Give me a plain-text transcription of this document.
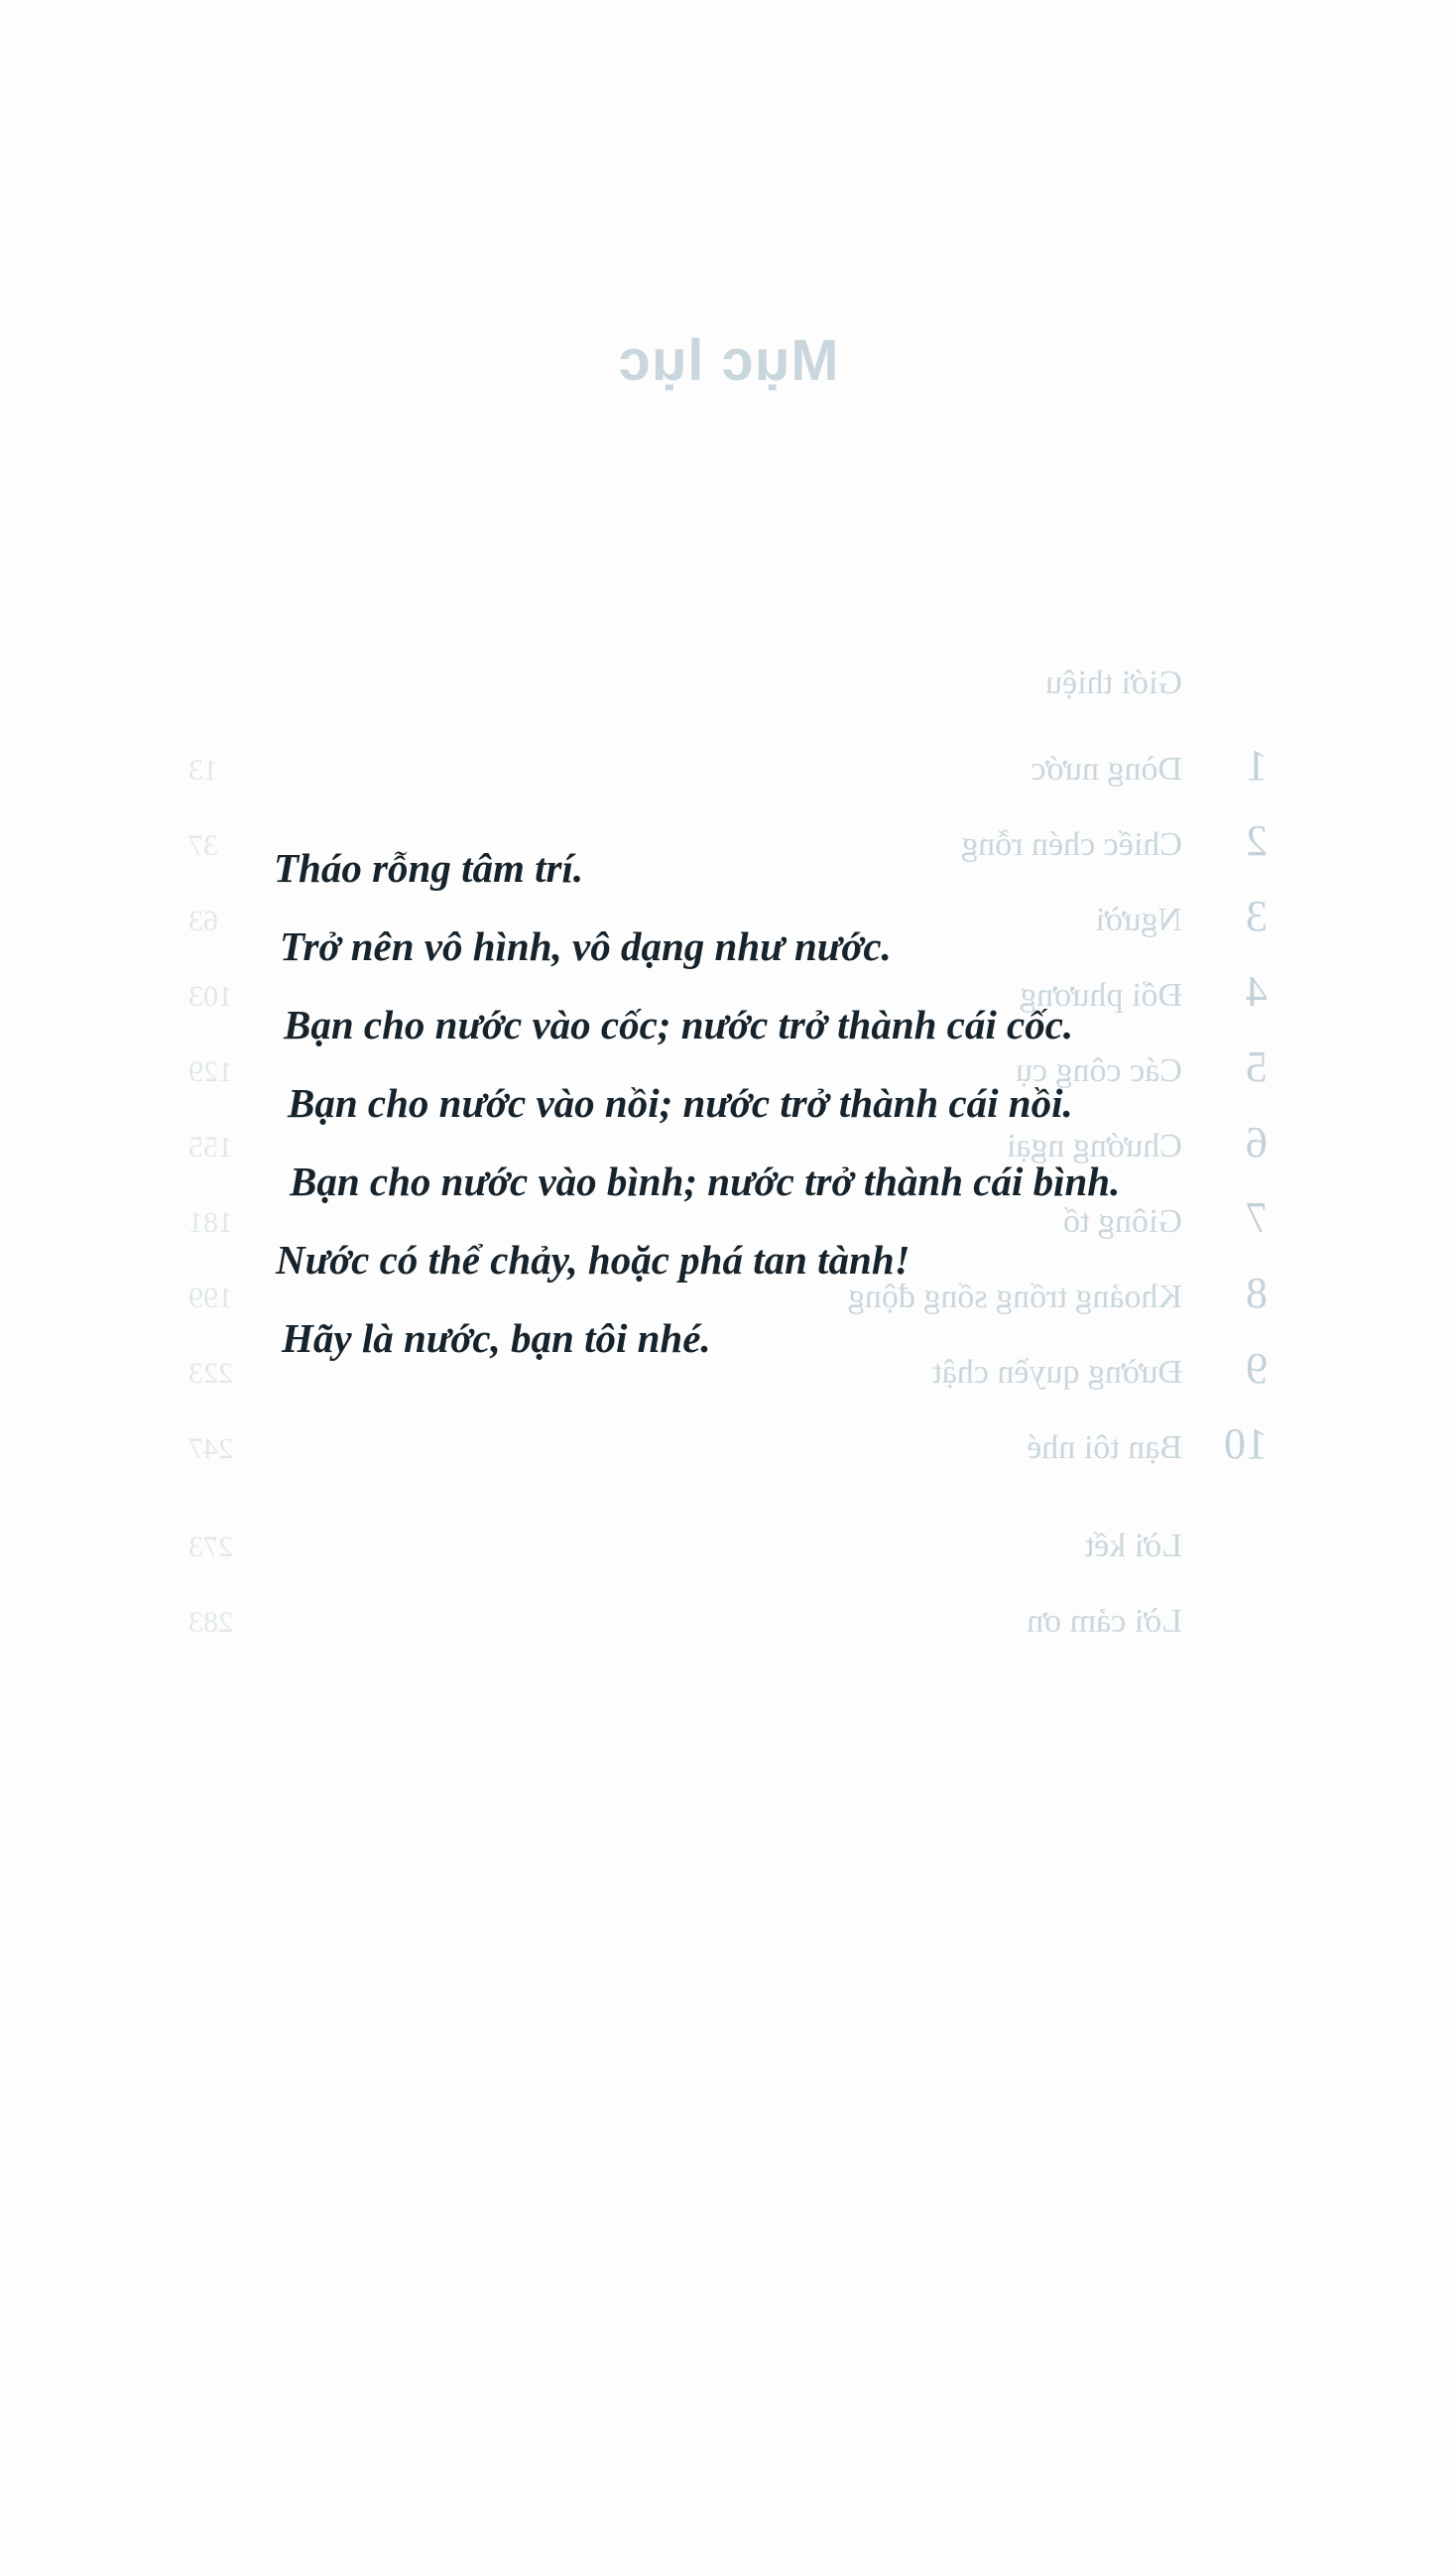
Mục lục
Giới thiệu
1
Dòng nước
13
2
Chiếc chén rỗng
37
3
Người
63
4
Đổi phương
103
5
Các công cụ
129
6
Chướng ngại
155
7
Giông tố
181
8
Khoảng trống sống động
199
9
Đường quyền chật
223
10
Bạn tôi nhé
247
Lời kết
273
Lời cảm ơn
283

Tháo rỗng tâm trí.

Trở nên vô hình, vô dạng như nước.

Bạn cho nước vào cốc; nước trở thành cái cốc.

Bạn cho nước vào nồi; nước trở thành cái nồi.

Bạn cho nước vào bình; nước trở thành cái bình.

Nước có thể chảy, hoặc phá tan tành!

Hãy là nước, bạn tôi nhé.
